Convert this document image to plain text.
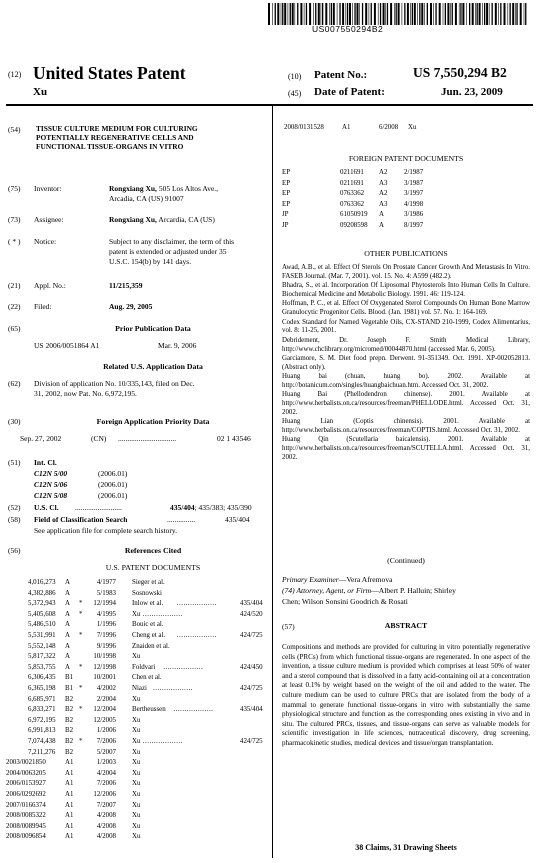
US007550294B2
(12) United States Patent
Xu
(10) Patent No.:	US 7,550,294 B2
(45) Date of Patent:	Jun. 23, 2009
(54) TISSUE CULTURE MEDIUM FOR CULTURING POTENTIALLY REGENERATIVE CELLS AND FUNCTIONAL TISSUE-ORGANS IN VITRO
(75) Inventor:	Rongxiang Xu, 505 Los Altos Ave.,
Arcadia, CA (US) 91007
(73) Assignee:	Rongxiang Xu, Arcardia, CA (US)
( * ) Notice:	Subject to any disclaimer, the term of this
patent is extended or adjusted under 35
U.S.C. 154(b) by 141 days.
(21) Appl. No.:	11/215,359
(22) Filed:	Aug. 29, 2005
(65)	Prior Publication Data
US 2006/0051864 A1	Mar. 9, 2006
Related U.S. Application Data
(62) Division of application No. 10/335,143, filed on Dec.
31, 2002, now Pat. No. 6,972,195.
(30)	Foreign Application Priority Data
Sep. 27, 2002	(CN) ...............................	02 1 43546
(51) Int. Cl.
C12N 5/00	(2006.01)
C12N 5/06	(2006.01)
C12N 5/08	(2006.01)
(52) U.S. Cl. .........................	435/404; 435/383; 435/390
(58) Field of Classification Search	...............	435/404
See application file for complete search history.
(56)	References Cited
U.S. PATENT DOCUMENTS
4,016,273 A	4/1977 Sieger et al.
4,382,886 A	5/1983 Sosnowski
5,372,943 A *	12/1994 Inlow et al. ..................	435/404
5,405,608 A *	4/1995 Xu ..................	424/520
5,486,510 A	1/1996 Bouic et al.
5,531,991 A *	7/1996 Cheng et al. ..................	424/725
5,552,148 A	9/1996 Znaiden et al.
5,817,322 A	10/1998 Xu
5,853,755 A *	12/1998 Foldvari ..................	424/450
6,306,435 B1	10/2001 Chen et al.
6,365,198 B1 *	4/2002 Niazi ..................	424/725
6,685,971 B2	2/2004 Xu
6,833,271 B2 *	12/2004 Bertheussen ..................	435/404
6,972,195 B2	12/2005 Xu
6,991,813 B2	1/2006 Xu
7,074,438 B2 *	7/2006 Xu ..................	424/725
7,211,276 B2	5/2007 Xu
2003/0021850	A1	1/2003 Xu
2004/0063205	A1	4/2004 Xu
2006/0153927	A1	7/2006 Xu
2006/0292692	A1	12/2006 Xu
2007/0166374	A1	7/2007 Xu
2008/0085322	A1	4/2008 Xu
2008/0089945	A1	4/2008 Xu
2008/0096854	A1	4/2008 Xu
2008/0131528	A1	6/2008 Xu
FOREIGN PATENT DOCUMENTS
EP	0211691 A2 2/1987
EP	0211691 A3 3/1987
EP	0763362 A2 3/1997
EP	0763362 A3 4/1998
JP	61050919 A	3/1986
JP	09208598 A	8/1997
OTHER PUBLICATIONS
Awad, A.B., et al. Effect Of Sterols On Prostate Cancer Growth And Metastasis In Vitro. FASEB Journal. (Mar. 7, 2001). vol. 15. No. 4: A599 (482.2).
Bhadra, S., et al. Incorporation Of Liposomal Phytosterols Into Human Cells In Culture. Biochemical Medicine and Metabolic Biology. 1991. 46: 119-124.
Hoffman, P. C., et al. Effect Of Oxygenated Sterol Compounds On Human Bone Marrow Granulocytic Progenitor Cells. Blood. (Jan. 1981) vol. 57. No. 1: 164-169.
Codex Standard for Named Vegetable Oils, CX-STAND 210-1999, Codex Alimentarius, vol. 8: 11-25, 2001.
Debridement, Dr. Joseph F. Smith Medical Library, http://www.chclibrary.org/micromed/00044870.html (accessed Mar. 6, 2005).
Garciamore, S. M. Diet food prepn. Derwent. 91-351349. Oct. 1991. XP-002052813. (Abstract only).
Huang bai (chuan, huang bo). 2002. Available at http://botanicum.com/singles/huangbaichuan.htm. Accessed Oct. 31, 2002.
Huang Bai (Phellodendron chinense). 2001. Available at http://www.herbalists.on.ca/resources/freeman/PHELLODE.html. Accessed Oct. 31, 2002.
Huang Lian (Coptis chinensis). 2001. Available at http://www.herbalists.on.ca/resources/freeman/COPTIS.html. Accessed Oct. 31, 2002.
Huang Qin (Scutellaria baicalensis). 2001. Available at http://www.herbalists.on.ca/resources/freeman/SCUTELLA.html. Accessed Oct. 31, 2002.
(Continued)
Primary Examiner—Vera Afremova
(74) Attorney, Agent, or Firm—Albert P. Halluin; Shirley
Chen; Wilson Sonsini Goodrich & Rosati
(57)	ABSTRACT
Compositions and methods are provided for culturing in vitro potentially regenerative cells (PRCs) from which functional tissue-organs are regenerated. In one aspect of the invention, a tissue culture medium is provided which comprises at least 50% of water and a sterol compound that is dissolved in a fatty acid-containing oil at a concentration at least 0.1% by weight based on the weight of the oil and added to the water. The culture medium can be used to culture PRCs that are isolated from the body of a mammal to generate functional tissue-organs in vitro with substantially the same physiological structure and function as the corresponding ones existing in vivo and in situ. The cultured PRCs, tissues, and tissue-organs can serve as valuable models for scientific investigation in life sciences, nutraceutical discovery, drug screening, pharmacokinetic studies, medical devices and tissue/organ transplantation.
38 Claims, 31 Drawing Sheets
